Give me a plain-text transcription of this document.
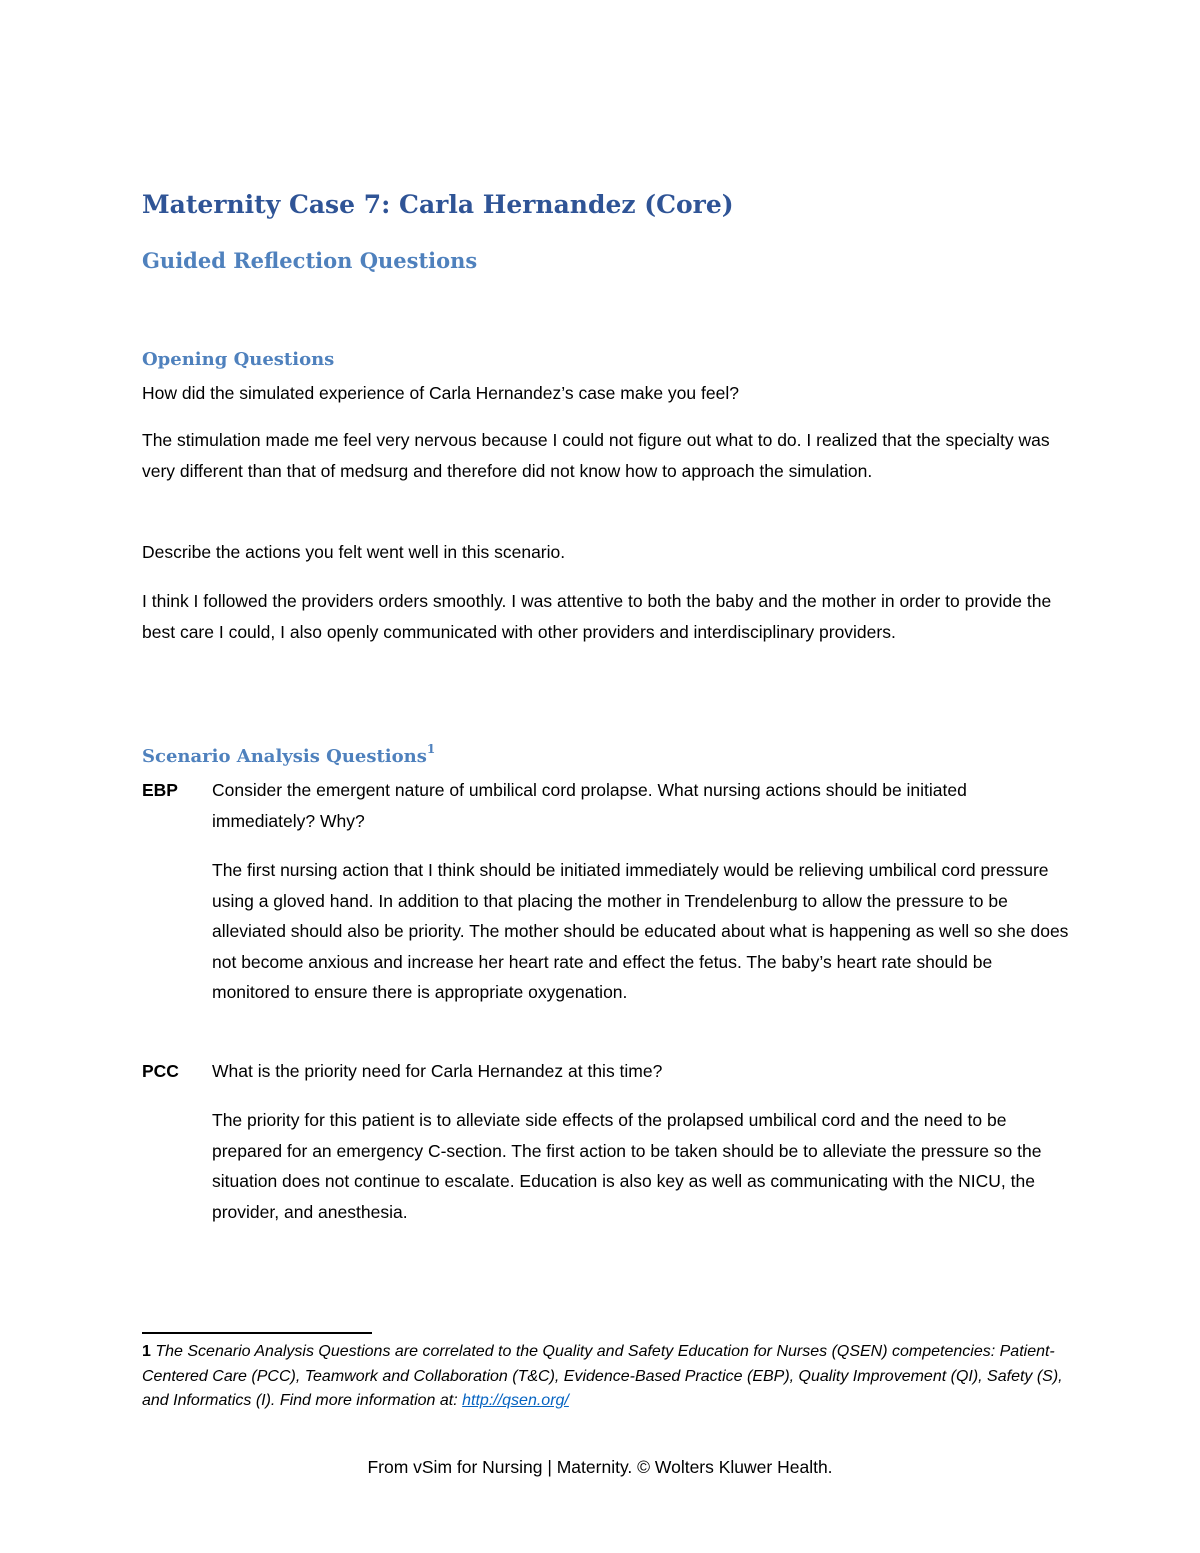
Maternity Case 7: Carla Hernandez (Core)
Guided Reflection Questions
Opening Questions
How did the simulated experience of Carla Hernandez’s case make you feel?
The stimulation made me feel very nervous because I could not figure out what to do. I realized that the specialty was very different than that of medsurg and therefore did not know how to approach the simulation.
Describe the actions you felt went well in this scenario.
I think I followed the providers orders smoothly. I was attentive to both the baby and the mother in order to provide the best care I could, I also openly communicated with other providers and interdisciplinary providers.
Scenario Analysis Questions$^1$
EBP Consider the emergent nature of umbilical cord prolapse. What nursing actions should be initiated immediately? Why?
The first nursing action that I think should be initiated immediately would be relieving umbilical cord pressure using a gloved hand. In addition to that placing the mother in Trendelenburg to allow the pressure to be alleviated should also be priority. The mother should be educated about what is happening as well so she does not become anxious and increase her heart rate and effect the fetus. The baby’s heart rate should be monitored to ensure there is appropriate oxygenation.
PCC What is the priority need for Carla Hernandez at this time?
The priority for this patient is to alleviate side effects of the prolapsed umbilical cord and the need to be prepared for an emergency C-section. The first action to be taken should be to alleviate the pressure so the situation does not continue to escalate. Education is also key as well as communicating with the NICU, the provider, and anesthesia.
1 The Scenario Analysis Questions are correlated to the Quality and Safety Education for Nurses (QSEN) competencies: Patient-Centered Care (PCC), Teamwork and Collaboration (T&C), Evidence-Based Practice (EBP), Quality Improvement (QI), Safety (S), and Informatics (I). Find more information at: http://qsen.org/
From vSim for Nursing | Maternity. © Wolters Kluwer Health.
